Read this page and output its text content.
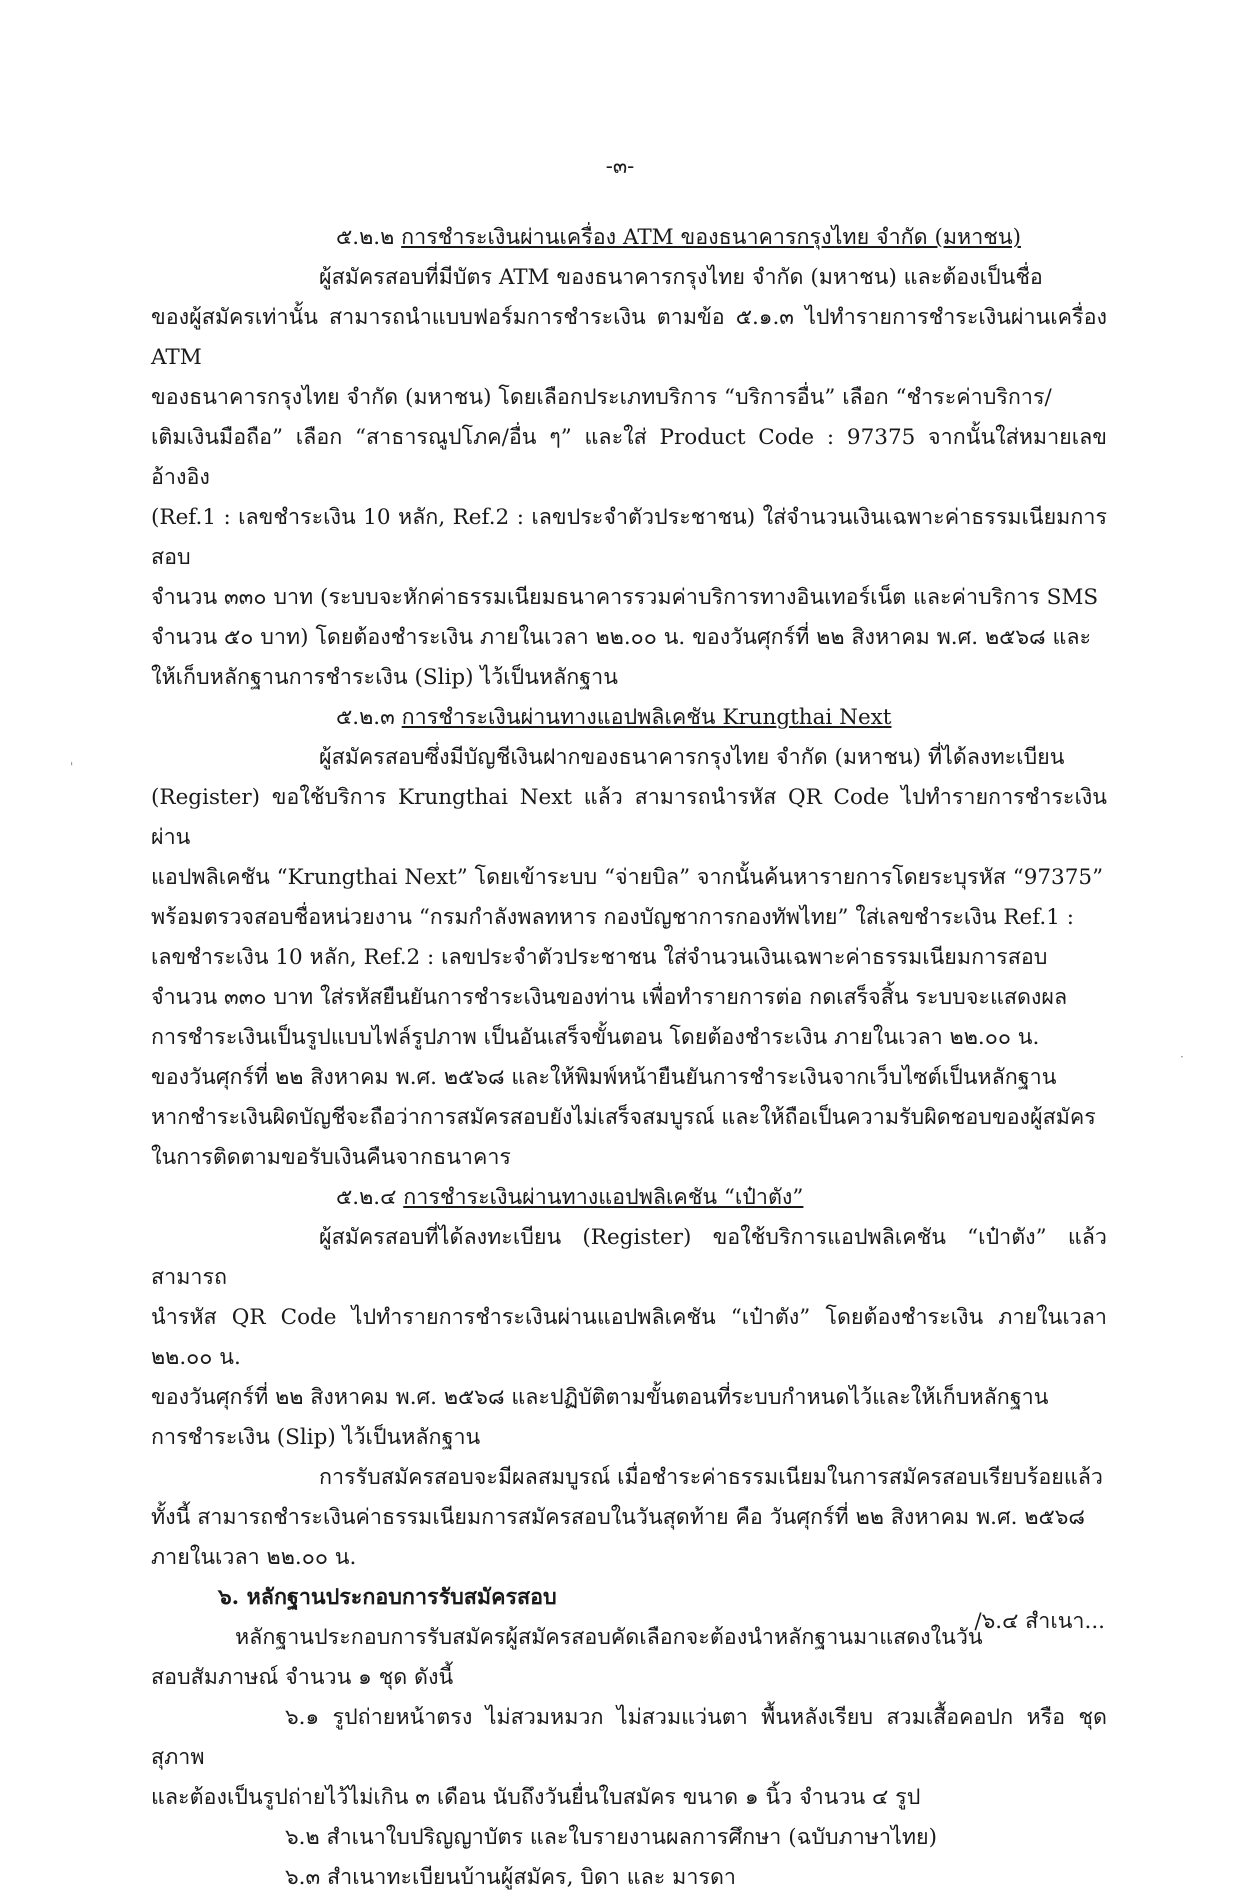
-๓-

๕.๒.๒ การชำระเงินผ่านเครื่อง ATM ของธนาคารกรุงไทย จำกัด (มหาชน)

ผู้สมัครสอบที่มีบัตร ATM ของธนาคารกรุงไทย จำกัด (มหาชน) และต้องเป็นชื่อ

ของผู้สมัครเท่านั้น สามารถนำแบบฟอร์มการชำระเงิน ตามข้อ ๕.๑.๓ ไปทำรายการชำระเงินผ่านเครื่อง ATM

ของธนาคารกรุงไทย จำกัด (มหาชน) โดยเลือกประเภทบริการ “บริการอื่น” เลือก “ชำระค่าบริการ/

เติมเงินมือถือ” เลือก “สาธารณูปโภค/อื่น ๆ” และใส่ Product Code : 97375 จากนั้นใส่หมายเลขอ้างอิง

(Ref.1 : เลขชำระเงิน 10 หลัก, Ref.2 : เลขประจำตัวประชาชน) ใส่จำนวนเงินเฉพาะค่าธรรมเนียมการสอบ

จำนวน ๓๓๐ บาท (ระบบจะหักค่าธรรมเนียมธนาคารรวมค่าบริการทางอินเทอร์เน็ต และค่าบริการ SMS

จำนวน ๕๐ บาท) โดยต้องชำระเงิน ภายในเวลา ๒๒.๐๐ น. ของวันศุกร์ที่ ๒๒ สิงหาคม พ.ศ. ๒๕๖๘ และ

ให้เก็บหลักฐานการชำระเงิน (Slip) ไว้เป็นหลักฐาน

๕.๒.๓ การชำระเงินผ่านทางแอปพลิเคชัน Krungthai Next

ผู้สมัครสอบซึ่งมีบัญชีเงินฝากของธนาคารกรุงไทย จำกัด (มหาชน) ที่ได้ลงทะเบียน

(Register) ขอใช้บริการ Krungthai Next แล้ว สามารถนำรหัส QR Code ไปทำรายการชำระเงินผ่าน

แอปพลิเคชัน “Krungthai Next” โดยเข้าระบบ “จ่ายบิล” จากนั้นค้นหารายการโดยระบุรหัส “97375”

พร้อมตรวจสอบชื่อหน่วยงาน “กรมกำลังพลทหาร กองบัญชาการกองทัพไทย” ใส่เลขชำระเงิน Ref.1 :

เลขชำระเงิน 10 หลัก, Ref.2 : เลขประจำตัวประชาชน ใส่จำนวนเงินเฉพาะค่าธรรมเนียมการสอบ

จำนวน ๓๓๐ บาท ใส่รหัสยืนยันการชำระเงินของท่าน เพื่อทำรายการต่อ กดเสร็จสิ้น ระบบจะแสดงผล

การชำระเงินเป็นรูปแบบไฟล์รูปภาพ เป็นอันเสร็จขั้นตอน โดยต้องชำระเงิน ภายในเวลา ๒๒.๐๐ น.

ของวันศุกร์ที่ ๒๒ สิงหาคม พ.ศ. ๒๕๖๘ และให้พิมพ์หน้ายืนยันการชำระเงินจากเว็บไซต์เป็นหลักฐาน

หากชำระเงินผิดบัญชีจะถือว่าการสมัครสอบยังไม่เสร็จสมบูรณ์ และให้ถือเป็นความรับผิดชอบของผู้สมัคร

ในการติดตามขอรับเงินคืนจากธนาคาร

๕.๒.๔ การชำระเงินผ่านทางแอปพลิเคชัน “เป๋าตัง”

ผู้สมัครสอบที่ได้ลงทะเบียน (Register) ขอใช้บริการแอปพลิเคชัน “เป๋าตัง” แล้ว สามารถ

นำรหัส QR Code ไปทำรายการชำระเงินผ่านแอปพลิเคชัน “เป๋าตัง” โดยต้องชำระเงิน ภายในเวลา ๒๒.๐๐ น.

ของวันศุกร์ที่ ๒๒ สิงหาคม พ.ศ. ๒๕๖๘ และปฏิบัติตามขั้นตอนที่ระบบกำหนดไว้และให้เก็บหลักฐาน

การชำระเงิน (Slip) ไว้เป็นหลักฐาน

การรับสมัครสอบจะมีผลสมบูรณ์ เมื่อชำระค่าธรรมเนียมในการสมัครสอบเรียบร้อยแล้ว

ทั้งนี้ สามารถชำระเงินค่าธรรมเนียมการสมัครสอบในวันสุดท้าย คือ วันศุกร์ที่ ๒๒ สิงหาคม พ.ศ. ๒๕๖๘

ภายในเวลา ๒๒.๐๐ น.

๖. หลักฐานประกอบการรับสมัครสอบ

หลักฐานประกอบการรับสมัครผู้สมัครสอบคัดเลือกจะต้องนำหลักฐานมาแสดงในวัน

สอบสัมภาษณ์ จำนวน ๑ ชุด ดังนี้

๖.๑ รูปถ่ายหน้าตรง ไม่สวมหมวก ไม่สวมแว่นตา พื้นหลังเรียบ สวมเสื้อคอปก หรือ ชุดสุภาพ

และต้องเป็นรูปถ่ายไว้ไม่เกิน ๓ เดือน นับถึงวันยื่นใบสมัคร ขนาด ๑ นิ้ว จำนวน ๔ รูป

๖.๒ สำเนาใบปริญญาบัตร และใบรายงานผลการศึกษา (ฉบับภาษาไทย)

๖.๓ สำเนาทะเบียนบ้านผู้สมัคร, บิดา และ มารดา

/๖.๔ สำเนา...
'
·
